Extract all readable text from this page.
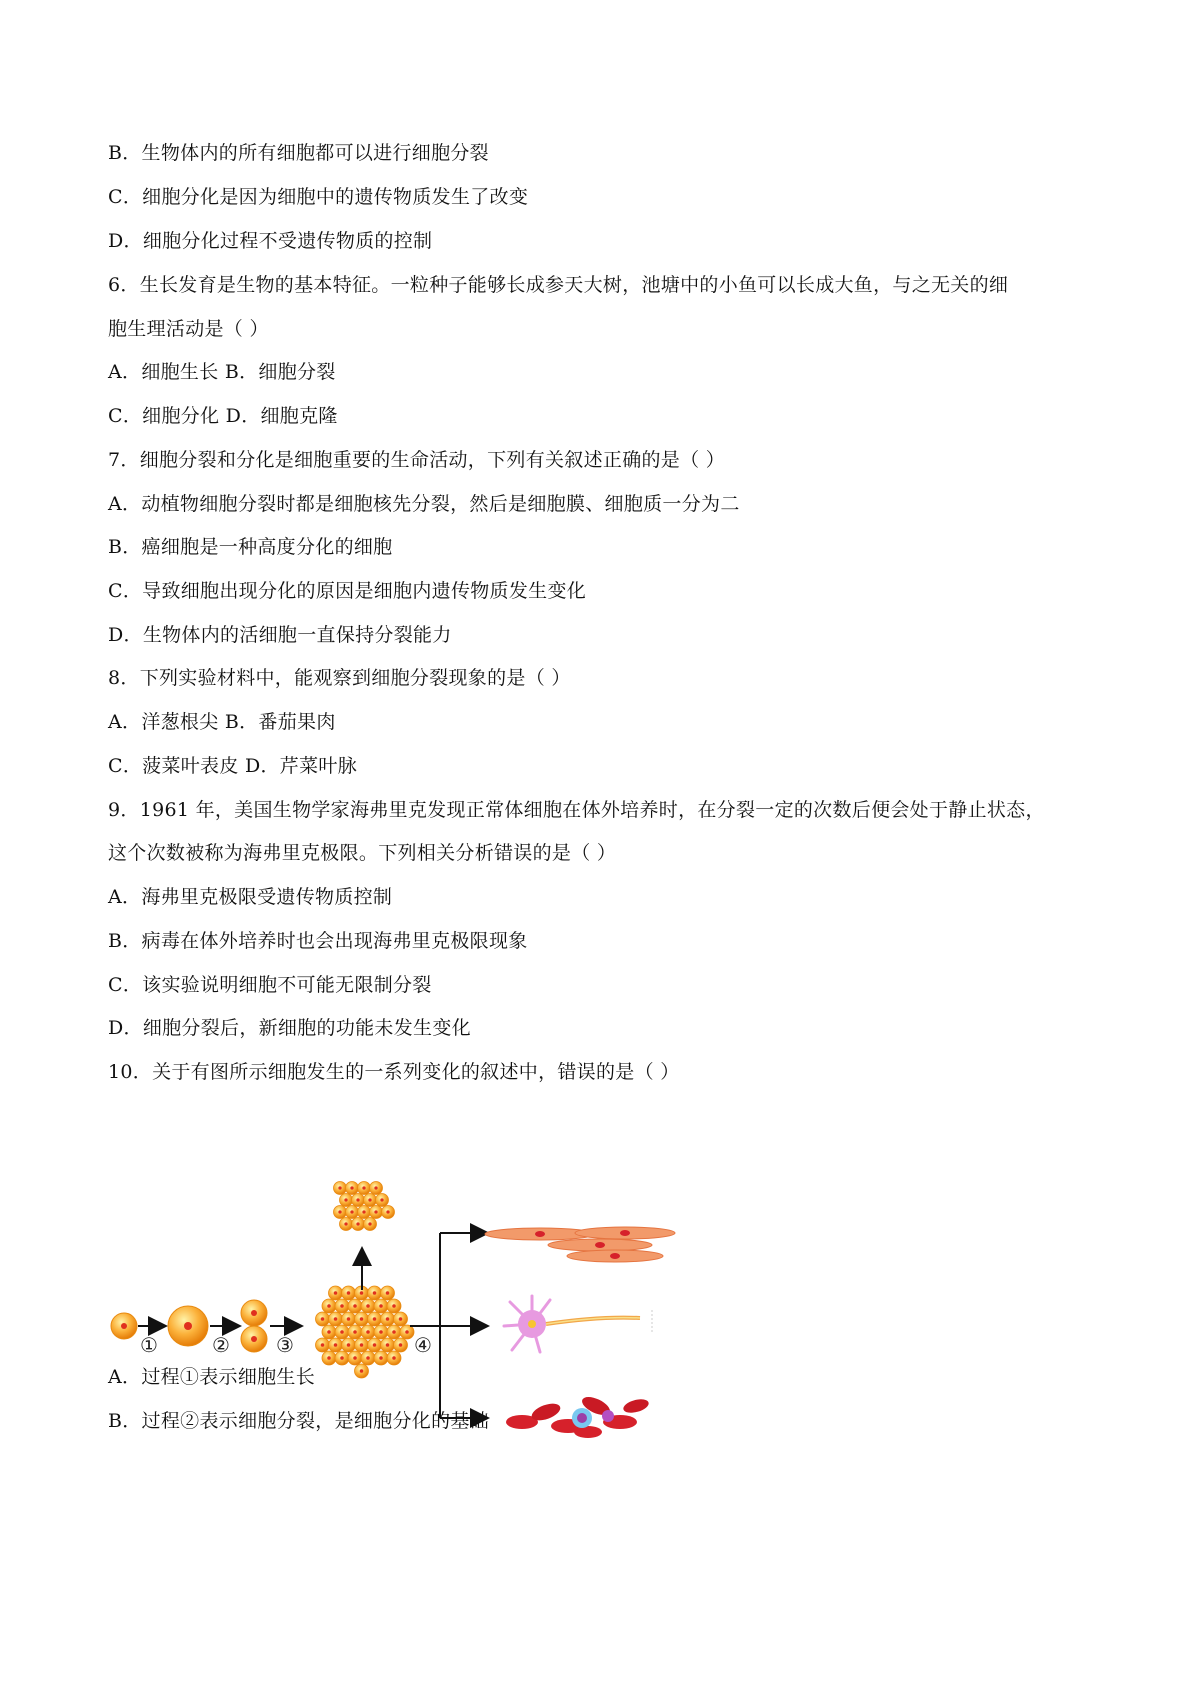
B．生物体内的所有细胞都可以进行细胞分裂
C．细胞分化是因为细胞中的遗传物质发生了改变
D．细胞分化过程不受遗传物质的控制
6．生长发育是生物的基本特征。一粒种子能够长成参天大树，池塘中的小鱼可以长成大鱼，与之无关的细
胞生理活动是（ ）
A．细胞生长 B．细胞分裂
C．细胞分化 D．细胞克隆
7．细胞分裂和分化是细胞重要的生命活动，下列有关叙述正确的是（ ）
A．动植物细胞分裂时都是细胞核先分裂，然后是细胞膜、细胞质一分为二
B．癌细胞是一种高度分化的细胞
C．导致细胞出现分化的原因是细胞内遗传物质发生变化
D．生物体内的活细胞一直保持分裂能力
8．下列实验材料中，能观察到细胞分裂现象的是（ ）
A．洋葱根尖 B．番茄果肉
C．菠菜叶表皮 D．芹菜叶脉
9．1961 年，美国生物学家海弗里克发现正常体细胞在体外培养时，在分裂一定的次数后便会处于静止状态，
这个次数被称为海弗里克极限。下列相关分析错误的是（ ）
A．海弗里克极限受遗传物质控制
B．病毒在体外培养时也会出现海弗里克极限现象
C．该实验说明细胞不可能无限制分裂
D．细胞分裂后，新细胞的功能未发生变化
10．关于有图所示细胞发生的一系列变化的叙述中，错误的是（ ）
A．过程①表示细胞生长
B．过程②表示细胞分裂，是细胞分化的基础
①	② ③	④
